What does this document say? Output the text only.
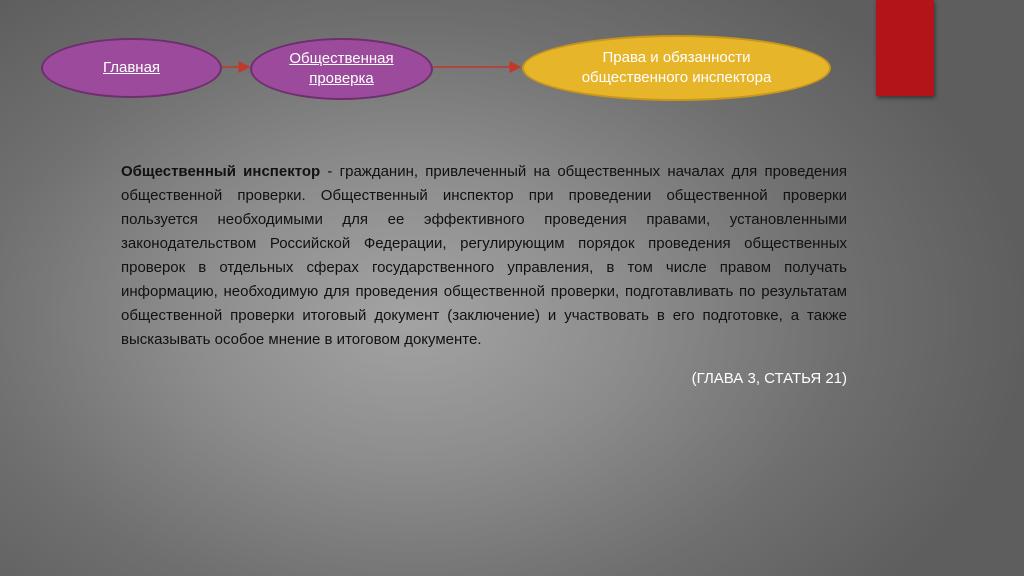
Главная
Общественная
проверка
Права и обязанности
общественного инспектора
Общественный инспектор - гражданин, привлеченный на общественных началах для проведения общественной проверки. Общественный инспектор при проведении общественной проверки пользуется необходимыми для ее эффективного проведения правами, установленными законодательством Российской Федерации, регулирующим порядок проведения общественных проверок в отдельных сферах государственного управления, в том числе правом получать информацию, необходимую для проведения общественной проверки, подготавливать по результатам общественной проверки итоговый документ (заключение) и участвовать в его подготовке, а также высказывать особое мнение в итоговом документе.
(ГЛАВА 3, СТАТЬЯ 21)
